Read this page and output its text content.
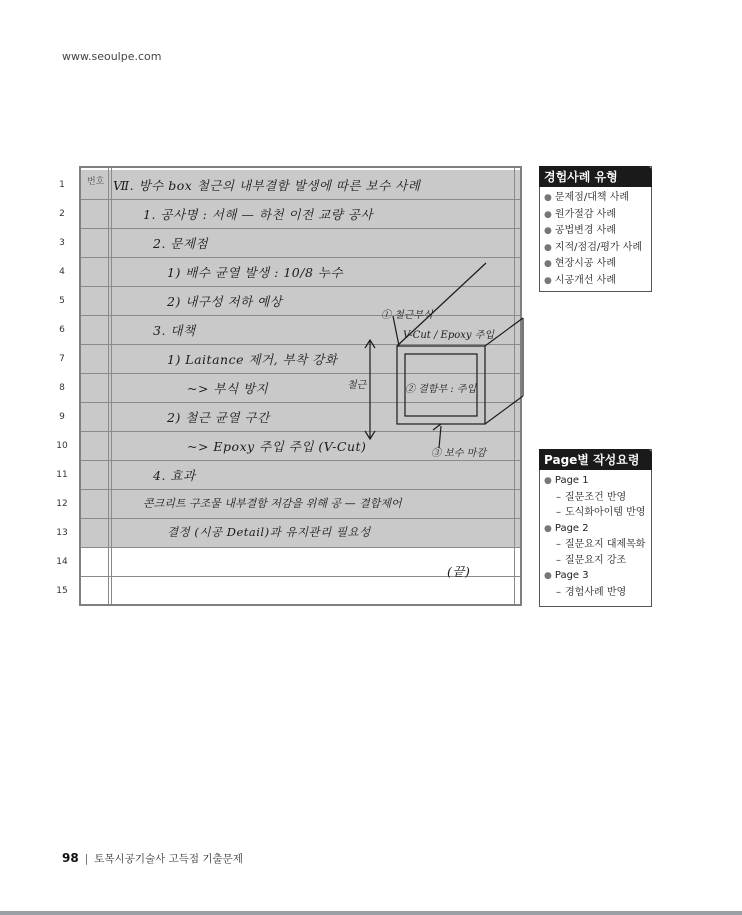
www.seoulpe.com
번호 Ⅶ. 방수 box 철근의 내부결함 발생에 따른 보수 사례
1. 공사명 : 서해 — 하천 이전 교량 공사
2. 문제점
1) 배수 균열 발생 : 10/8 누수
2) 내구성 저하 예상
3. 대책
1) Laitance 제거, 부착 강화
~> 부식 방지
2) 철근 균열 구간
~> Epoxy 주입 주입 (V-Cut)
4. 효과
콘크리트 구조물 내부결함 저감을 위해 공 — 결합제어
결정 (시공 Detail)과 유지관리 필요성
(끝)
① 철근부식
V-Cut / Epoxy 주입
② 결함부 : 주입
③ 보수 마감
철근
1
2
3
4
5
6
7
8
9
10
11
12
13
14
15
경험사례 유형
● 문제점/대책 사례
● 원가절감 사례
● 공법변경 사례
● 지적/점검/평가 사례
● 현장시공 사례
● 시공개선 사례
Page별 작성요령
● Page 1
– 질문조건 반영
– 도식화아이템 반영
● Page 2
– 질문요지 대제목화
– 질문요지 강조
● Page 3
– 경험사례 반영
98 | 토목시공기술사 고득점 기출문제
